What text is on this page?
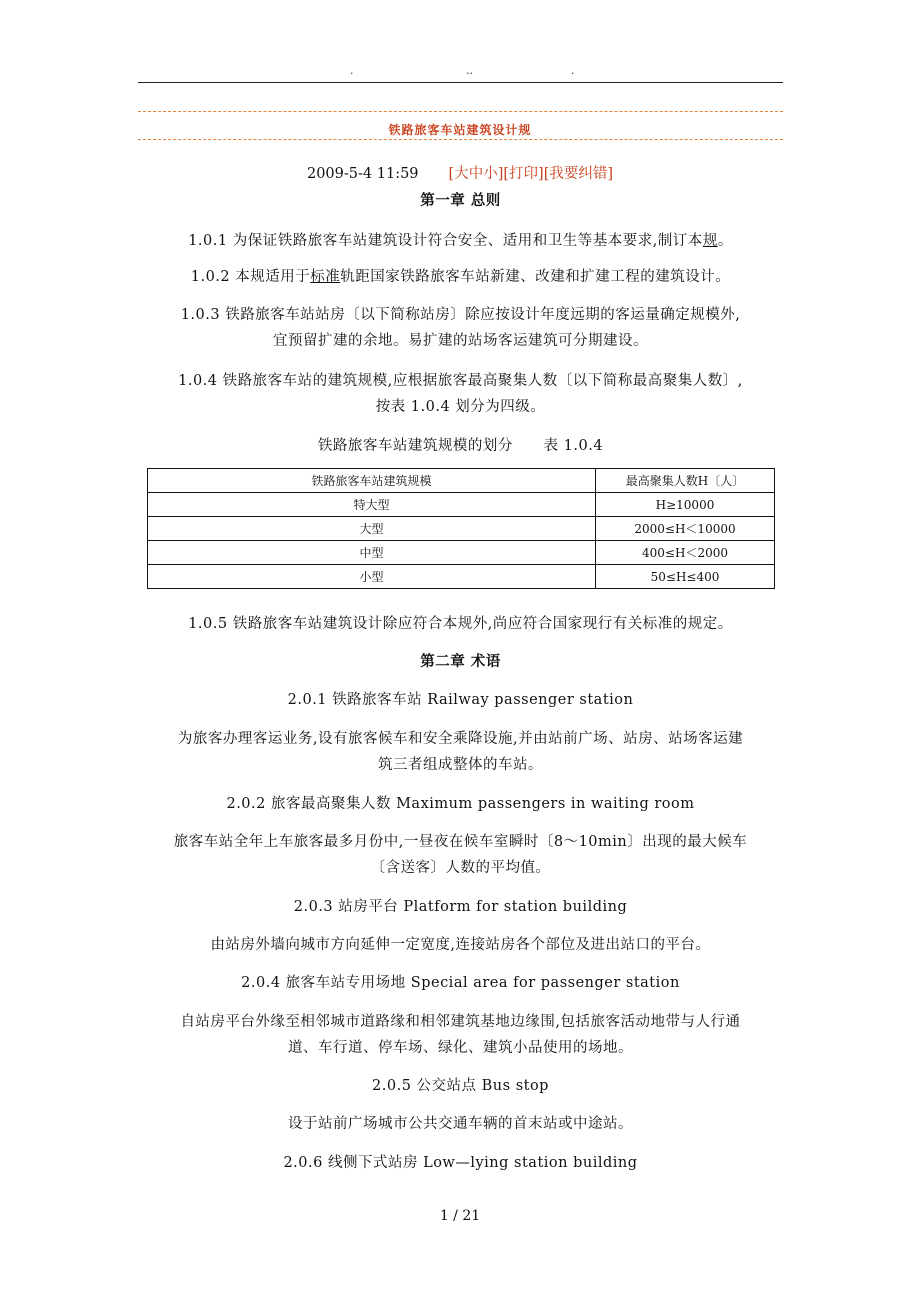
.	..	.
铁路旅客车站建筑设计规
2009-5-4 11:59 [大中小][打印][我要纠错]
第一章 总则
1.0.1 为保证铁路旅客车站建筑设计符合安全、适用和卫生等基本要求,制订本规。
1.0.2 本规适用于标准轨距国家铁路旅客车站新建、改建和扩建工程的建筑设计。
1.0.3 铁路旅客车站站房〔以下简称站房〕除应按设计年度远期的客运量确定规模外,
宜预留扩建的余地。易扩建的站场客运建筑可分期建设。
1.0.4 铁路旅客车站的建筑规模,应根据旅客最高聚集人数〔以下简称最高聚集人数〕,
按表 1.0.4 划分为四级。
铁路旅客车站建筑规模的划分      表 1.0.4
铁路旅客车站建筑规模	最高聚集人数H〔人〕
特大型	H≥10000
大型	2000≤H＜10000
中型	400≤H＜2000
小型	50≤H≤400
1.0.5 铁路旅客车站建筑设计除应符合本规外,尚应符合国家现行有关标准的规定。
第二章 术语
2.0.1 铁路旅客车站 Railway passenger station
为旅客办理客运业务,设有旅客候车和安全乘降设施,并由站前广场、站房、站场客运建
筑三者组成整体的车站。
2.0.2 旅客最高聚集人数 Maximum passengers in waiting room
旅客车站全年上车旅客最多月份中,一昼夜在候车室瞬时〔8～10min〕出现的最大候车
〔含送客〕人数的平均值。
2.0.3 站房平台 Platform for station building
由站房外墙向城市方向延伸一定宽度,连接站房各个部位及进出站口的平台。
2.0.4 旅客车站专用场地 Special area for passenger station
自站房平台外缘至相邻城市道路缘和相邻建筑基地边缘围,包括旅客活动地带与人行通
道、车行道、停车场、绿化、建筑小品使用的场地。
2.0.5 公交站点 Bus stop
设于站前广场城市公共交通车辆的首末站或中途站。
2.0.6 线侧下式站房 Low—lying station building
1 / 21
